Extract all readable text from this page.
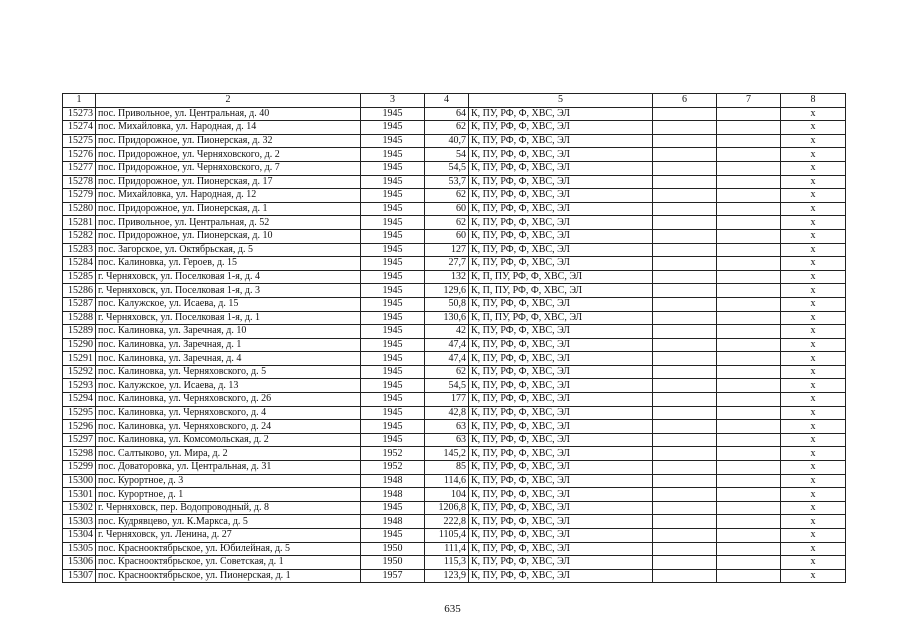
1	2	3	4	5	6	7	8
15273	пос. Привольное, ул. Центральная, д. 40	1945	64	К, ПУ, РФ, Ф, ХВС, ЭЛ			х
15274	пос. Михайловка, ул. Народная, д. 14	1945	62	К, ПУ, РФ, Ф, ХВС, ЭЛ			х
15275	пос. Придорожное, ул. Пионерская, д. 32	1945	40,7	К, ПУ, РФ, Ф, ХВС, ЭЛ			х
15276	пос. Придорожное, ул. Черняховского, д. 2	1945	54	К, ПУ, РФ, Ф, ХВС, ЭЛ			х
15277	пос. Придорожное, ул. Черняховского, д. 7	1945	54,5	К, ПУ, РФ, Ф, ХВС, ЭЛ			х
15278	пос. Придорожное, ул. Пионерская, д. 17	1945	53,7	К, ПУ, РФ, Ф, ХВС, ЭЛ			х
15279	пос. Михайловка, ул. Народная, д. 12	1945	62	К, ПУ, РФ, Ф, ХВС, ЭЛ			х
15280	пос. Придорожное, ул. Пионерская, д. 1	1945	60	К, ПУ, РФ, Ф, ХВС, ЭЛ			х
15281	пос. Привольное, ул. Центральная, д. 52	1945	62	К, ПУ, РФ, Ф, ХВС, ЭЛ			х
15282	пос. Придорожное, ул. Пионерская, д. 10	1945	60	К, ПУ, РФ, Ф, ХВС, ЭЛ			х
15283	пос. Загорское, ул. Октябрьская, д. 5	1945	127	К, ПУ, РФ, Ф, ХВС, ЭЛ			х
15284	пос. Калиновка, ул. Героев, д. 15	1945	27,7	К, ПУ, РФ, Ф, ХВС, ЭЛ			х
15285	г. Черняховск, ул. Поселковая 1-я, д. 4	1945	132	К, П, ПУ, РФ, Ф, ХВС, ЭЛ			х
15286	г. Черняховск, ул. Поселковая 1-я, д. 3	1945	129,6	К, П, ПУ, РФ, Ф, ХВС, ЭЛ			х
15287	пос. Калужское, ул. Исаева, д. 15	1945	50,8	К, ПУ, РФ, Ф, ХВС, ЭЛ			х
15288	г. Черняховск, ул. Поселковая 1-я, д. 1	1945	130,6	К, П, ПУ, РФ, Ф, ХВС, ЭЛ			х
15289	пос. Калиновка, ул. Заречная, д. 10	1945	42	К, ПУ, РФ, Ф, ХВС, ЭЛ			х
15290	пос. Калиновка, ул. Заречная, д. 1	1945	47,4	К, ПУ, РФ, Ф, ХВС, ЭЛ			х
15291	пос. Калиновка, ул. Заречная, д. 4	1945	47,4	К, ПУ, РФ, Ф, ХВС, ЭЛ			х
15292	пос. Калиновка, ул. Черняховского, д. 5	1945	62	К, ПУ, РФ, Ф, ХВС, ЭЛ			х
15293	пос. Калужское, ул. Исаева, д. 13	1945	54,5	К, ПУ, РФ, Ф, ХВС, ЭЛ			х
15294	пос. Калиновка, ул. Черняховского, д. 26	1945	177	К, ПУ, РФ, Ф, ХВС, ЭЛ			х
15295	пос. Калиновка, ул. Черняховского, д. 4	1945	42,8	К, ПУ, РФ, Ф, ХВС, ЭЛ			х
15296	пос. Калиновка, ул. Черняховского, д. 24	1945	63	К, ПУ, РФ, Ф, ХВС, ЭЛ			х
15297	пос. Калиновка, ул. Комсомольская, д. 2	1945	63	К, ПУ, РФ, Ф, ХВС, ЭЛ			х
15298	пос. Салтыково, ул. Мира, д. 2	1952	145,2	К, ПУ, РФ, Ф, ХВС, ЭЛ			х
15299	пос. Доваторовка, ул. Центральная, д. 31	1952	85	К, ПУ, РФ, Ф, ХВС, ЭЛ			х
15300	пос. Курортное, д. 3	1948	114,6	К, ПУ, РФ, Ф, ХВС, ЭЛ			х
15301	пос. Курортное, д. 1	1948	104	К, ПУ, РФ, Ф, ХВС, ЭЛ			х
15302	г. Черняховск, пер. Водопроводный, д. 8	1945	1206,8	К, ПУ, РФ, Ф, ХВС, ЭЛ			х
15303	пос. Кудрявцево, ул. К.Маркса, д. 5	1948	222,8	К, ПУ, РФ, Ф, ХВС, ЭЛ			х
15304	г. Черняховск, ул. Ленина, д. 27	1945	1105,4	К, ПУ, РФ, Ф, ХВС, ЭЛ			х
15305	пос. Краснооктябрьское, ул. Юбилейная, д. 5	1950	111,4	К, ПУ, РФ, Ф, ХВС, ЭЛ			х
15306	пос. Краснооктябрьское, ул. Советская, д. 1	1950	115,3	К, ПУ, РФ, Ф, ХВС, ЭЛ			х
15307	пос. Краснооктябрьское, ул. Пионерская, д. 1	1957	123,9	К, ПУ, РФ, Ф, ХВС, ЭЛ			х
635
